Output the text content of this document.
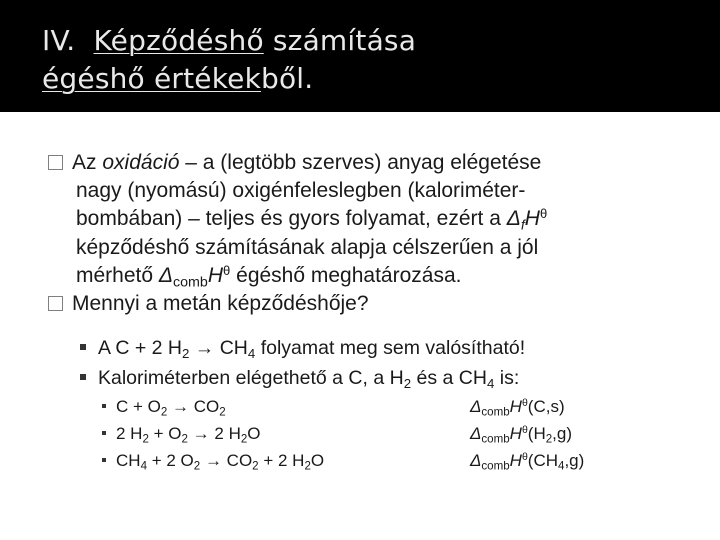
IV. Képződéshő számítása
égéshő értékekből.
Az oxidáció – a (legtöbb szerves) anyag elégetése
nagy (nyomású) oxigénfeleslegben (kaloriméter-
bombában) – teljes és gyors folyamat, ezért a $\Delta_fH^\theta$
képződéshő számításának alapja célszerűen a jól
mérhető $\Delta_{comb}H^\theta$ égéshő meghatározása.
Mennyi a metán képződéshője?
A C + 2 $H_2 \to CH_4$ folyamat meg sem valósítható!
Kaloriméterben elégethető a C, a $H_2$ és a $CH_4$ is:
$C + O_2 \to CO_2$
2 $H_2 + O_2 \to 2$ $H_2O$
$CH_4 + 2$ $O_2 \to CO_2 + 2$ $H_2O$
$\Delta_{comb}H^\theta(C,s)$
$\Delta_{comb}H^\theta(H_2,g)$
$\Delta_{comb}H^\theta(CH_4,g)$
